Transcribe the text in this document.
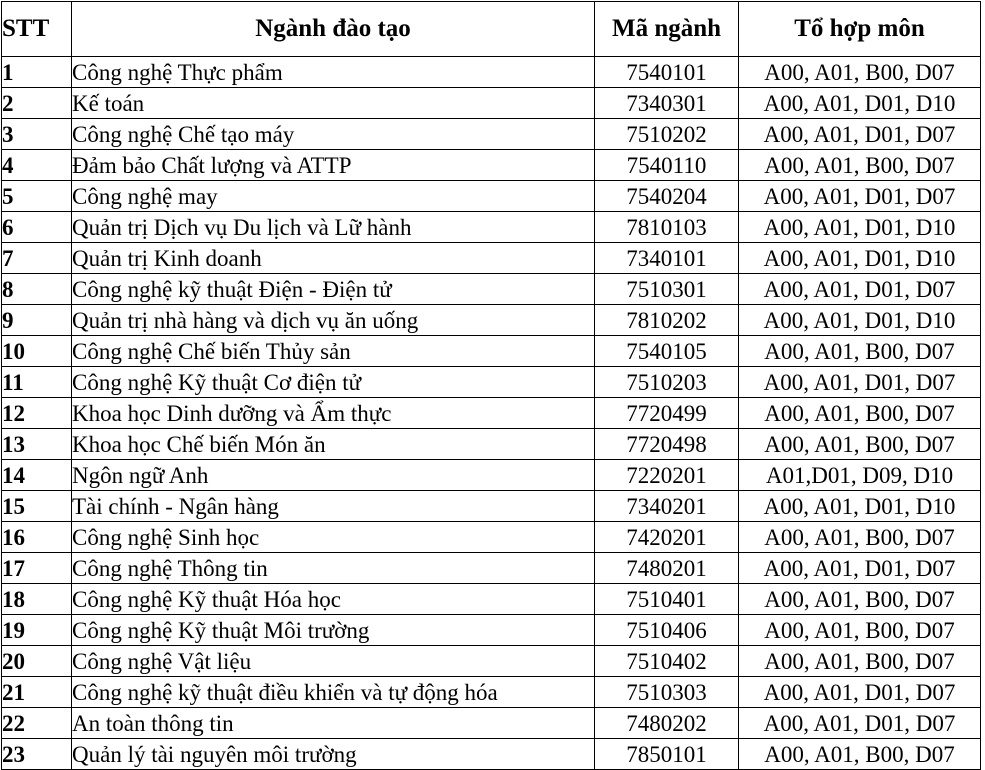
STT	Ngành đào tạo	Mã ngành	Tổ hợp môn
1	Công nghệ Thực phẩm	7540101	A00, A01, B00, D07
2	Kế toán	7340301	A00, A01, D01, D10
3	Công nghệ Chế tạo máy	7510202	A00, A01, D01, D07
4	Đảm bảo Chất lượng và ATTP	7540110	A00, A01, B00, D07
5	Công nghệ may	7540204	A00, A01, D01, D07
6	Quản trị Dịch vụ Du lịch và Lữ hành	7810103	A00, A01, D01, D10
7	Quản trị Kinh doanh	7340101	A00, A01, D01, D10
8	Công nghệ kỹ thuật Điện - Điện tử	7510301	A00, A01, D01, D07
9	Quản trị nhà hàng và dịch vụ ăn uống	7810202	A00, A01, D01, D10
10	Công nghệ Chế biến Thủy sản	7540105	A00, A01, B00, D07
11	Công nghệ Kỹ thuật Cơ điện tử	7510203	A00, A01, D01, D07
12	Khoa học Dinh dưỡng và Ẩm thực	7720499	A00, A01, B00, D07
13	Khoa học Chế biến Món ăn	7720498	A00, A01, B00, D07
14	Ngôn ngữ Anh	7220201	A01,D01, D09, D10
15	Tài chính - Ngân hàng	7340201	A00, A01, D01, D10
16	Công nghệ Sinh học	7420201	A00, A01, B00, D07
17	Công nghệ Thông tin	7480201	A00, A01, D01, D07
18	Công nghệ Kỹ thuật Hóa học	7510401	A00, A01, B00, D07
19	Công nghệ Kỹ thuật Môi trường	7510406	A00, A01, B00, D07
20	Công nghệ Vật liệu	7510402	A00, A01, B00, D07
21	Công nghệ kỹ thuật điều khiển và tự động hóa	7510303	A00, A01, D01, D07
22	An toàn thông tin	7480202	A00, A01, D01, D07
23	Quản lý tài nguyên môi trường	7850101	A00, A01, B00, D07
